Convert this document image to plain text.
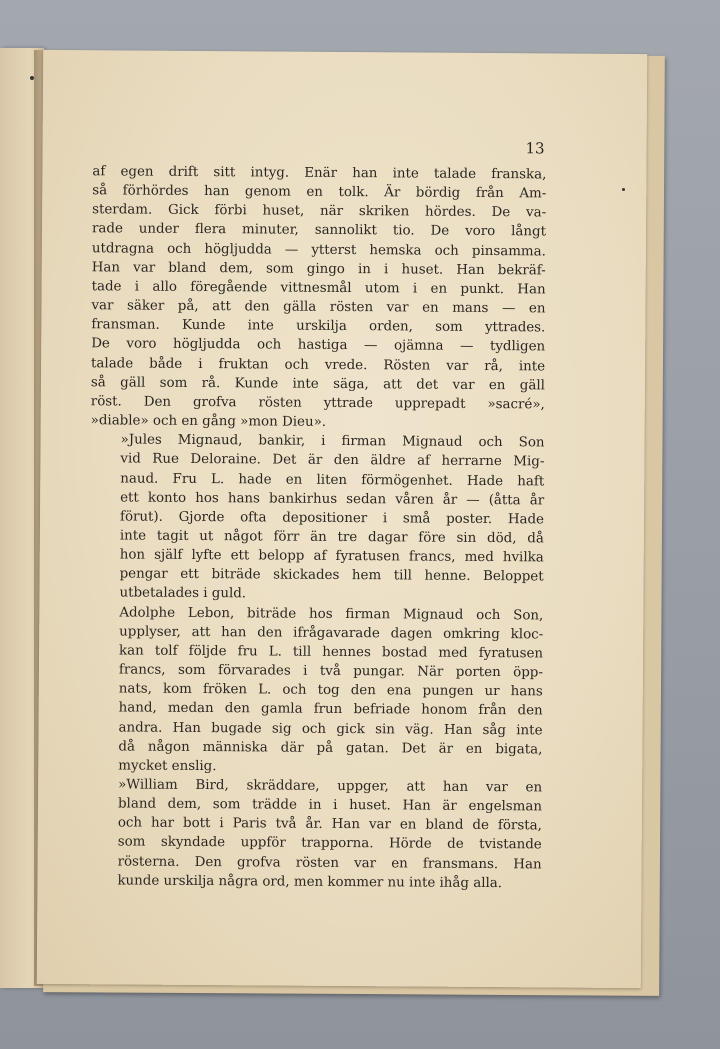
13

af egen drift sitt intyg. Enär han inte talade franska,
så förhördes han genom en tolk. Är bördig från Am-
sterdam. Gick förbi huset, när skriken hördes. De va-
rade under flera minuter, sannolikt tio. De voro långt
utdragna och högljudda — ytterst hemska och pinsamma.
Han var bland dem, som gingo in i huset. Han bekräf-
tade i allo föregående vittnesmål utom i en punkt. Han
var säker på, att den gälla rösten var en mans — en
fransman. Kunde inte urskilja orden, som yttrades.
De voro högljudda och hastiga — ojämna — tydligen
talade både i fruktan och vrede. Rösten var rå, inte
så gäll som rå. Kunde inte säga, att det var en gäll
röst. Den grofva rösten yttrade upprepadt »sacré»,
»diable» och en gång »mon Dieu».

»Jules Mignaud, bankir, i firman Mignaud och Son
vid Rue Deloraine. Det är den äldre af herrarne Mig-
naud. Fru L. hade en liten förmögenhet. Hade haft
ett konto hos hans bankirhus sedan våren år — (åtta år
förut). Gjorde ofta depositioner i små poster. Hade
inte tagit ut något förr än tre dagar före sin död, då
hon själf lyfte ett belopp af fyratusen francs, med hvilka
pengar ett biträde skickades hem till henne. Beloppet
utbetalades i guld.

Adolphe Lebon, biträde hos firman Mignaud och Son,
upplyser, att han den ifrågavarade dagen omkring kloc-
kan tolf följde fru L. till hennes bostad med fyratusen
francs, som förvarades i två pungar. När porten öpp-
nats, kom fröken L. och tog den ena pungen ur hans
hand, medan den gamla frun befriade honom från den
andra. Han bugade sig och gick sin väg. Han såg inte
då någon människa där på gatan. Det är en bigata,
mycket enslig.

»William Bird, skräddare, uppger, att han var en
bland dem, som trädde in i huset. Han är engelsman
och har bott i Paris två år. Han var en bland de första,
som skyndade uppför trapporna. Hörde de tvistande
rösterna. Den grofva rösten var en fransmans. Han
kunde urskilja några ord, men kommer nu inte ihåg alla.
